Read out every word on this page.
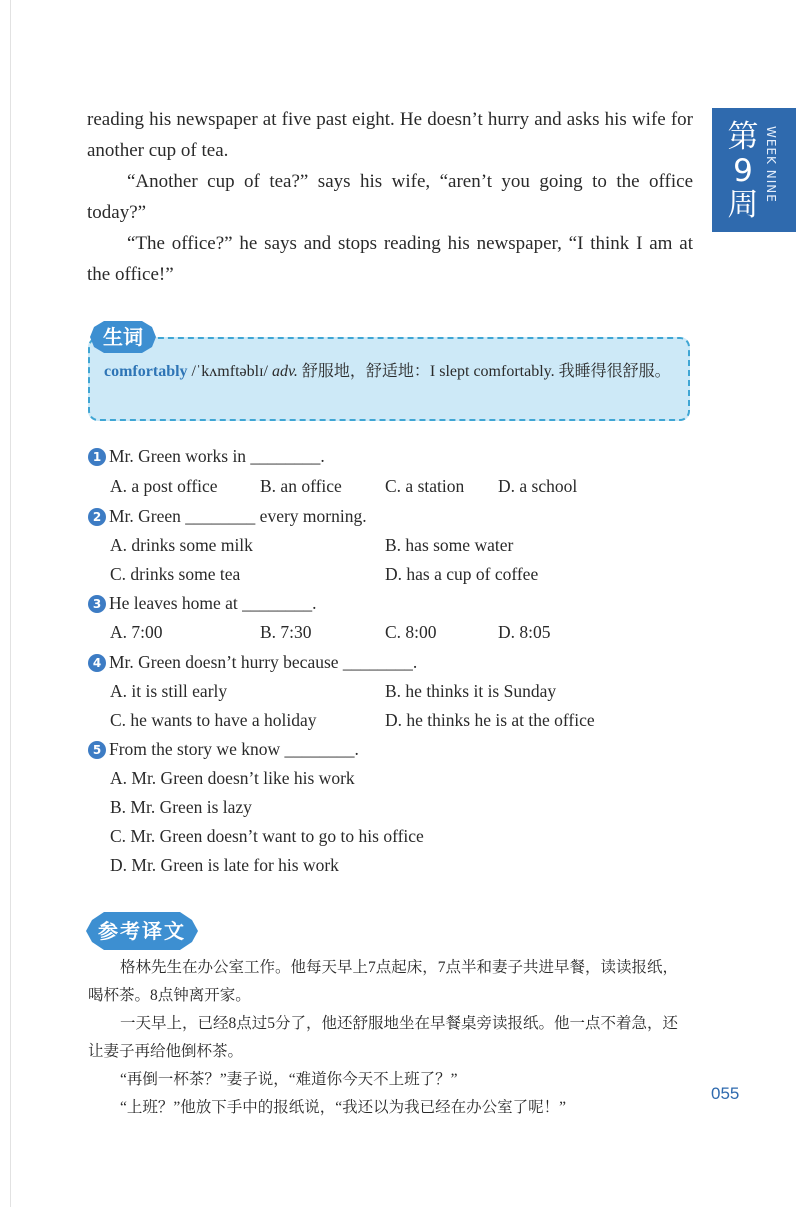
第9周
WEEK NINE

reading his newspaper at five past eight. He doesn’t hurry and asks his wife for another cup of tea.

“Another cup of tea?” says his wife, “aren’t you going to the office today?”

“The office?” he says and stops reading his newspaper, “I think I am at the office!”

生词
comfortably /ˈkʌmftəblɪ/ adv. 舒服地，舒适地：I slept comfortably. 我睡得很舒服。
1 Mr. Green works in ________.
A. a post office B. an office C. a station D. a school
2 Mr. Green ________ every morning.
A. drinks some milk	B. has some water
C. drinks some tea	D. has a cup of coffee
3 He leaves home at ________.
A. 7:00	B. 7:30	C. 8:00	D. 8:05
4 Mr. Green doesn’t hurry because ________.
A. it is still early	B. he thinks it is Sunday
C. he wants to have a holiday	D. he thinks he is at the office
5 From the story we know ________.
A. Mr. Green doesn’t like his work
B. Mr. Green is lazy
C. Mr. Green doesn’t want to go to his office
D. Mr. Green is late for his work
参考译文

格林先生在办公室工作。他每天早上7点起床，7点半和妻子共进早餐，读读报纸，喝杯茶。8点钟离开家。

一天早上，已经8点过5分了，他还舒服地坐在早餐桌旁读报纸。他一点不着急，还让妻子再给他倒杯茶。

“再倒一杯茶？”妻子说，“难道你今天不上班了？”

“上班？”他放下手中的报纸说，“我还以为我已经在办公室了呢！”

055
